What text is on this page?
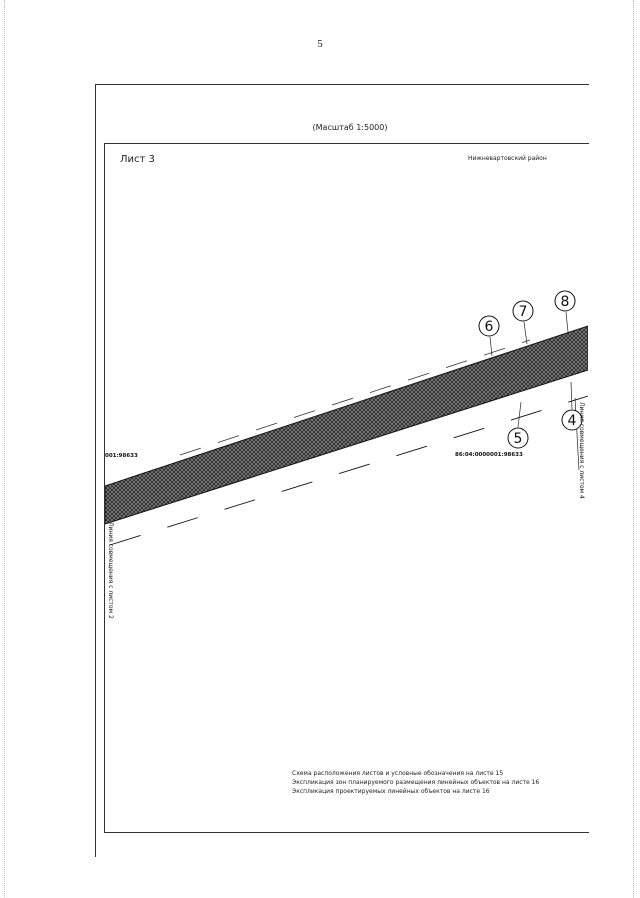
5
(Масштаб 1:5000)
Лист 3	Нижневартовский район
6
7
8
5
4
001:98633	86:04:0000001:98633
Линия совмещения с листом 2
Линия совмещения с листом 4
Схема расположения листов и условные обозначения на листе 15
Экспликация зон планируемого размещения линейных объектов на листе 16
Экспликация проектируемых линейных объектов на листе 16
